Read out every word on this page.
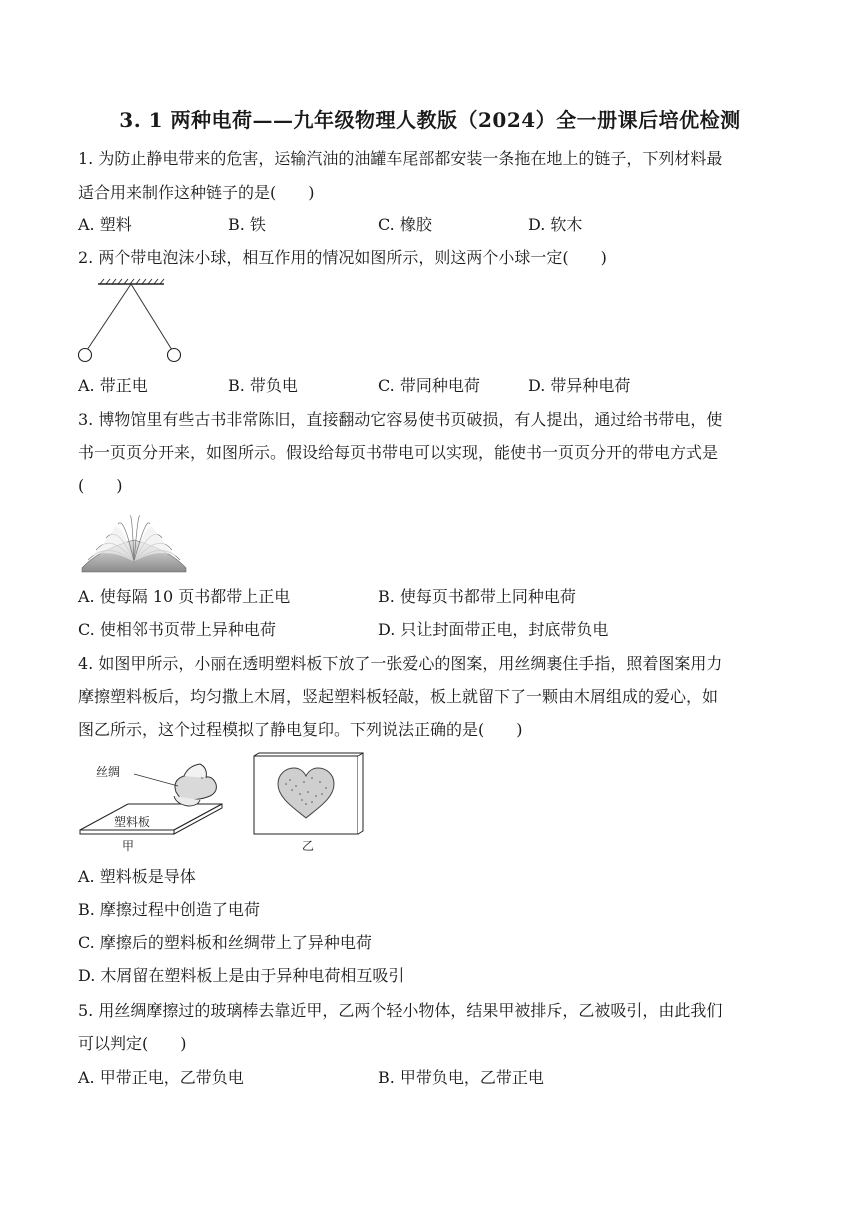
3. 1 两种电荷——九年级物理人教版（2024）全一册课后培优检测
1. 为防止静电带来的危害，运输汽油的油罐车尾部都安装一条拖在地上的链子，下列材料最
适合用来制作这种链子的是(　　)
A. 塑料	B. 铁	C. 橡胶	D. 软木
2. 两个带电泡沫小球，相互作用的情况如图所示，则这两个小球一定(　　)
A. 带正电	B. 带负电	C. 带同种电荷	D. 带异种电荷
3. 博物馆里有些古书非常陈旧，直接翻动它容易使书页破损，有人提出，通过给书带电，使
书一页页分开来，如图所示。假设给每页书带电可以实现，能使书一页页分开的带电方式是
(　　)
A. 使每隔 10 页书都带上正电	B. 使每页书都带上同种电荷
C. 使相邻书页带上异种电荷	D. 只让封面带正电，封底带负电
4. 如图甲所示，小丽在透明塑料板下放了一张爱心的图案，用丝绸裹住手指，照着图案用力
摩擦塑料板后，均匀撒上木屑，竖起塑料板轻敲，板上就留下了一颗由木屑组成的爱心，如
图乙所示，这个过程模拟了静电复印。下列说法正确的是(　　)
丝绸
塑料板
甲	乙
A. 塑料板是导体
B. 摩擦过程中创造了电荷
C. 摩擦后的塑料板和丝绸带上了异种电荷
D. 木屑留在塑料板上是由于异种电荷相互吸引
5. 用丝绸摩擦过的玻璃棒去靠近甲，乙两个轻小物体，结果甲被排斥，乙被吸引，由此我们
可以判定(　　)
A. 甲带正电，乙带负电	B. 甲带负电，乙带正电
